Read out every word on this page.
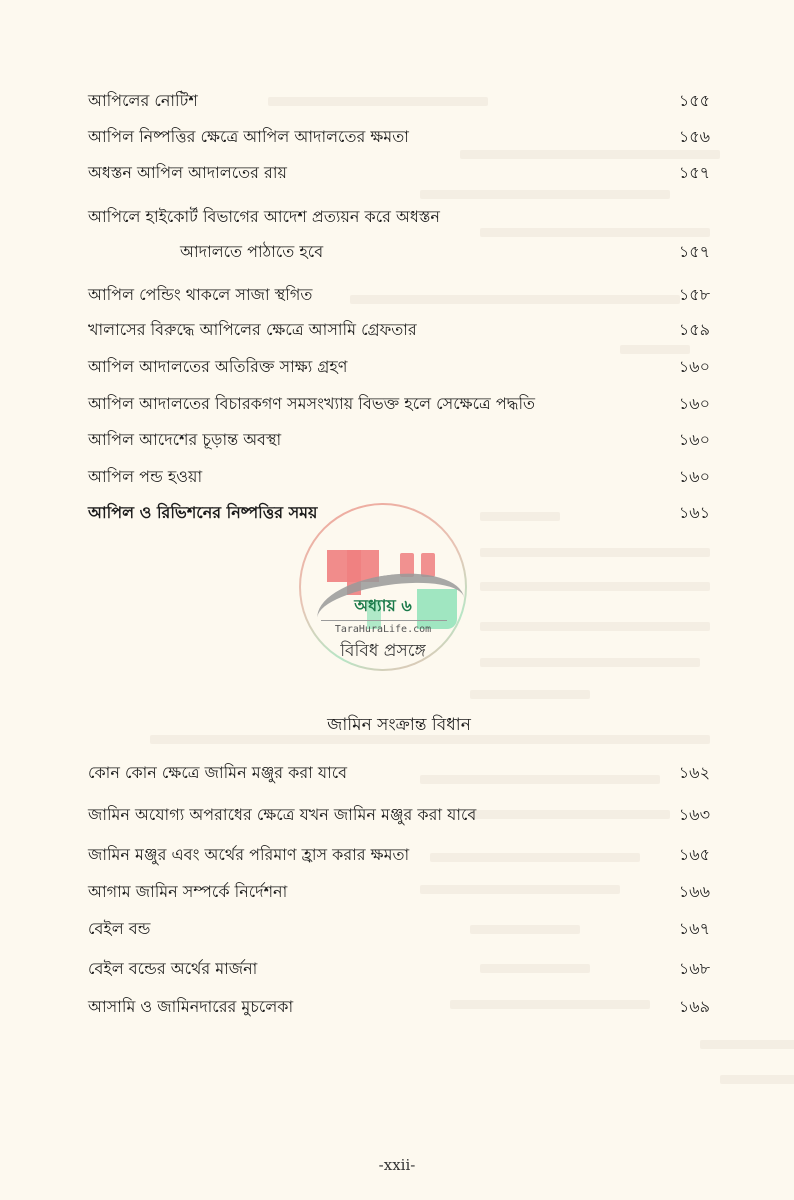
আপিলের নোটিশ	১৫৫
আপিল নিষ্পত্তির ক্ষেত্রে আপিল আদালতের ক্ষমতা	১৫৬
অধস্তন আপিল আদালতের রায়	১৫৭
আপিলে হাইকোর্ট বিভাগের আদেশ প্রত্যয়ন করে অধস্তন
আদালতে পাঠাতে হবে	১৫৭
আপিল পেন্ডিং থাকলে সাজা স্থগিত	১৫৮
খালাসের বিরুদ্ধে আপিলের ক্ষেত্রে আসামি গ্রেফতার	১৫৯
আপিল আদালতের অতিরিক্ত সাক্ষ্য গ্রহণ	১৬০
আপিল আদালতের বিচারকগণ সমসংখ্যায় বিভক্ত হলে সেক্ষেত্রে পদ্ধতি	১৬০
আপিল আদেশের চূড়ান্ত অবস্থা	১৬০
আপিল পন্ড হওয়া	১৬০
আপিল ও রিভিশনের নিষ্পত্তির সময়	১৬১
জামিন সংক্রান্ত বিধান
কোন কোন ক্ষেত্রে জামিন মঞ্জুর করা যাবে	১৬২
জামিন অযোগ্য অপরাধের ক্ষেত্রে যখন জামিন মঞ্জুর করা যাবে	১৬৩
জামিন মঞ্জুর এবং অর্থের পরিমাণ হ্রাস করার ক্ষমতা	১৬৫
আগাম জামিন সম্পর্কে নির্দেশনা	১৬৬
বেইল বন্ড	১৬৭
বেইল বন্ডের অর্থের মার্জনা	১৬৮
আসামি ও জামিনদারের মুচলেকা	১৬৯
অধ্যায় ৬
TaraHuraLife.com
বিবিধ প্রসঙ্গে
-xxii-
